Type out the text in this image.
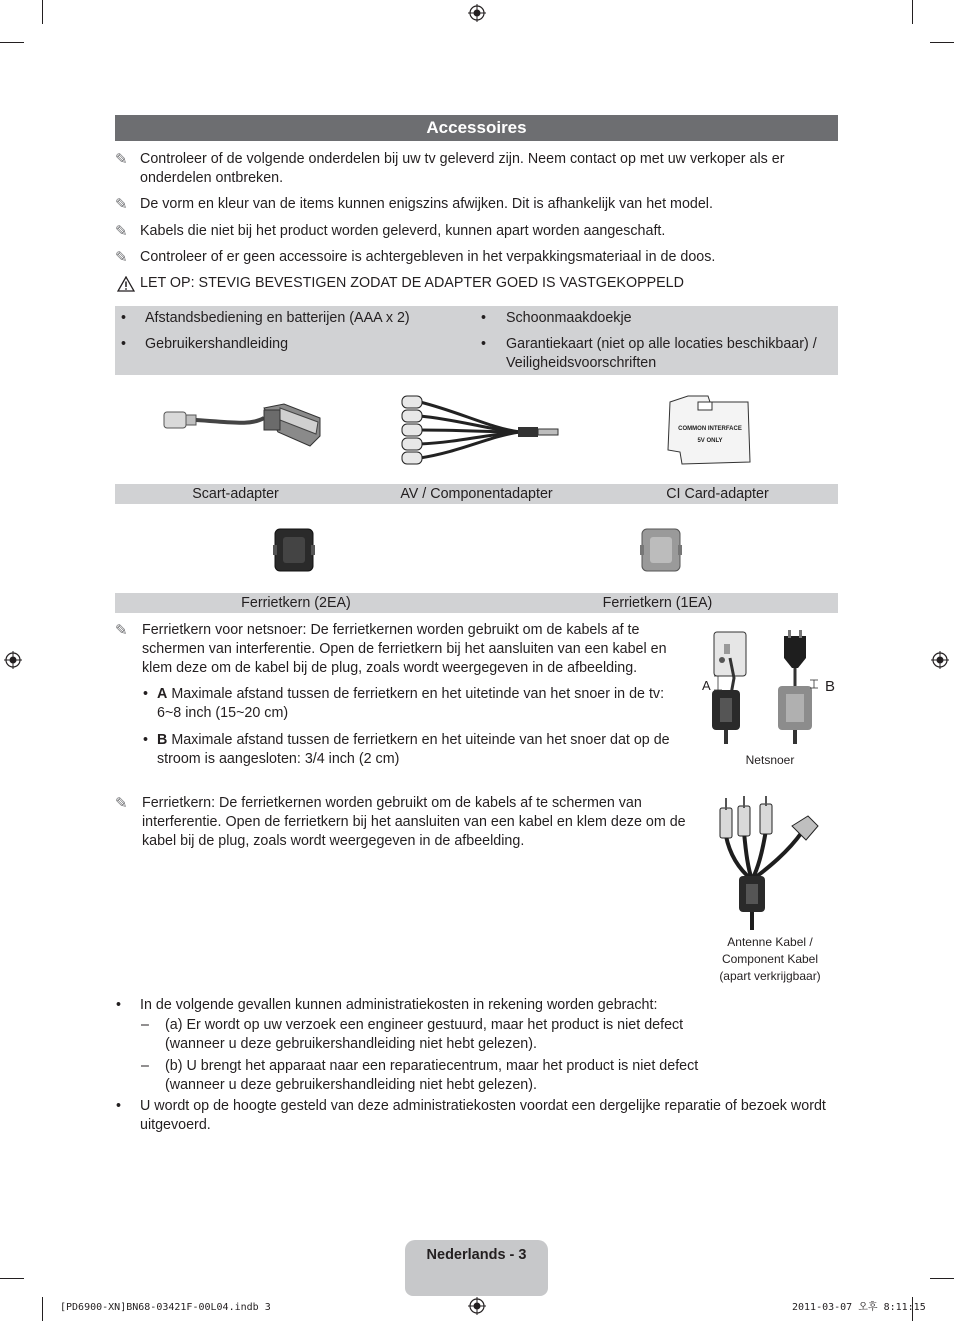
Accessoires
✎ Controleer of de volgende onderdelen bij uw tv geleverd zijn. Neem contact op met uw verkoper als er onderdelen ontbreken.
✎ De vorm en kleur van de items kunnen enigszins afwijken. Dit is afhankelijk van het model.
✎ Kabels die niet bij het product worden geleverd, kunnen apart worden aangeschaft.
✎ Controleer of er geen accessoire is achtergebleven in het verpakkingsmateriaal in de doos.
LET OP: STEVIG BEVESTIGEN ZODAT DE ADAPTER GOED IS VASTGEKOPPELD
• Afstandsbediening en batterijen (AAA x 2)
• Gebruikershandleiding
• Schoonmaakdoekje
• Garantiekaart (niet op alle locaties beschikbaar) / Veiligheidsvoorschriften
COMMON INTERFACE
5V ONLY
Scart-adapter	AV / Componentadapter	CI Card-adapter
Ferrietkern (2EA)	Ferrietkern (1EA)
✎ Ferrietkern voor netsnoer: De ferrietkernen worden gebruikt om de kabels af te schermen van interferentie. Open de ferrietkern bij het aansluiten van een kabel en klem deze om de kabel bij de plug, zoals wordt weergegeven in de afbeelding.
• A Maximale afstand tussen de ferrietkern en het uitetinde van het snoer in de tv: 6~8 inch (15~20 cm)
• B Maximale afstand tussen de ferrietkern en het uiteinde van het snoer dat op de stroom is aangesloten: 3/4 inch (2 cm)
A	B
Netsnoer
✎ Ferrietkern: De ferrietkernen worden gebruikt om de kabels af te schermen van interferentie. Open de ferrietkern bij het aansluiten van een kabel en klem deze om de kabel bij de plug, zoals wordt weergegeven in de afbeelding.
Antenne Kabel /
Component Kabel
(apart verkrijgbaar)
• In de volgende gevallen kunnen administratiekosten in rekening worden gebracht:
– (a) Er wordt op uw verzoek een engineer gestuurd, maar het product is niet defect (wanneer u deze gebruikershandleiding niet hebt gelezen).
– (b) U brengt het apparaat naar een reparatiecentrum, maar het product is niet defect (wanneer u deze gebruikershandleiding niet hebt gelezen).
• U wordt op de hoogte gesteld van deze administratiekosten voordat een dergelijke reparatie of bezoek wordt uitgevoerd.
Nederlands - 3
[PD6900-XN]BN68-03421F-00L04.indb 3	2011-03-07 오후 8:11:15
